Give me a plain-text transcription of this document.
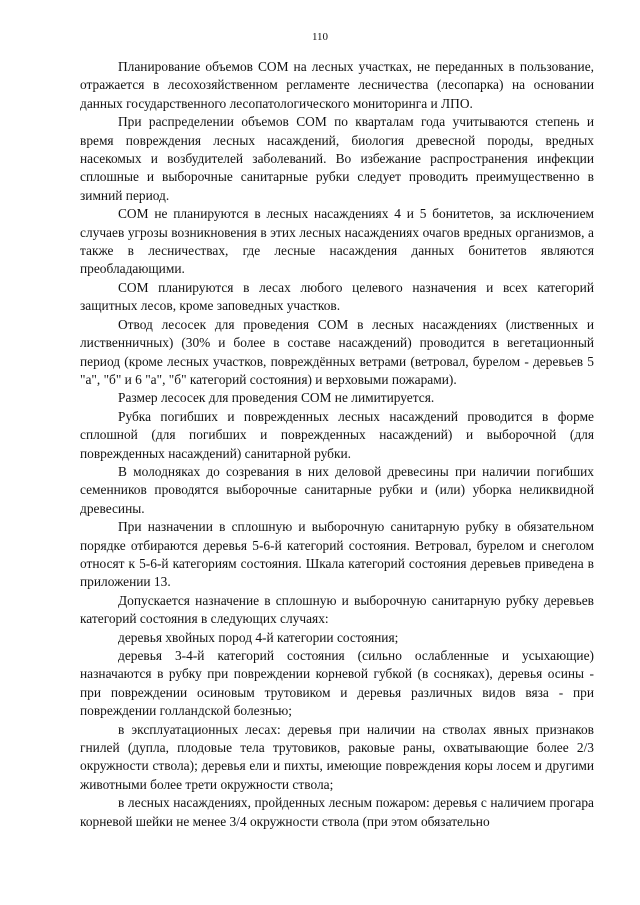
110

Планирование объемов СОМ на лесных участках, не переданных в пользование, отражается в лесохозяйственном регламенте лесничества (лесопарка) на основании данных государственного лесопатологического мониторинга и ЛПО.

При распределении объемов СОМ по кварталам года учитываются степень и время повреждения лесных насаждений, биология древесной породы, вредных насекомых и возбудителей заболеваний. Во избежание распространения инфекции сплошные и выборочные санитарные рубки следует проводить преимущественно в зимний период.

СОМ не планируются в лесных насаждениях 4 и 5 бонитетов, за исключением случаев угрозы возникновения в этих лесных насаждениях очагов вредных организмов, а также в лесничествах, где лесные насаждения данных бонитетов являются преобладающими.

СОМ планируются в лесах любого целевого назначения и всех категорий защитных лесов, кроме заповедных участков.

Отвод лесосек для проведения СОМ в лесных насаждениях (лиственных и лиственничных) (30% и более в составе насаждений) проводится в вегетационный период (кроме лесных участков, повреждённых ветрами (ветровал, бурелом - деревьев 5 "а", "б" и 6 "а", "б" категорий состояния) и верховыми пожарами).

Размер лесосек для проведения СОМ не лимитируется.

Рубка погибших и поврежденных лесных насаждений проводится в форме сплошной (для погибших и поврежденных насаждений) и выборочной (для поврежденных насаждений) санитарной рубки.

В молодняках до созревания в них деловой древесины при наличии погибших семенников проводятся выборочные санитарные рубки и (или) уборка неликвидной древесины.

При назначении в сплошную и выборочную санитарную рубку в обязательном порядке отбираются деревья 5-6-й категорий состояния. Ветровал, бурелом и снеголом относят к 5-6-й категориям состояния. Шкала категорий состояния деревьев приведена в приложении 13.

Допускается назначение в сплошную и выборочную санитарную рубку деревьев категорий состояния в следующих случаях:

деревья хвойных пород 4-й категории состояния;

деревья 3-4-й категорий состояния (сильно ослабленные и усыхающие) назначаются в рубку при повреждении корневой губкой (в сосняках), деревья осины - при повреждении осиновым трутовиком и деревья различных видов вяза - при повреждении голландской болезнью;

в эксплуатационных лесах: деревья при наличии на стволах явных признаков гнилей (дупла, плодовые тела трутовиков, раковые раны, охватывающие более 2/3 окружности ствола); деревья ели и пихты, имеющие повреждения коры лосем и другими животными более трети окружности ствола;

в лесных насаждениях, пройденных лесным пожаром: деревья с наличием прогара корневой шейки не менее 3/4 окружности ствола (при этом обязательно
